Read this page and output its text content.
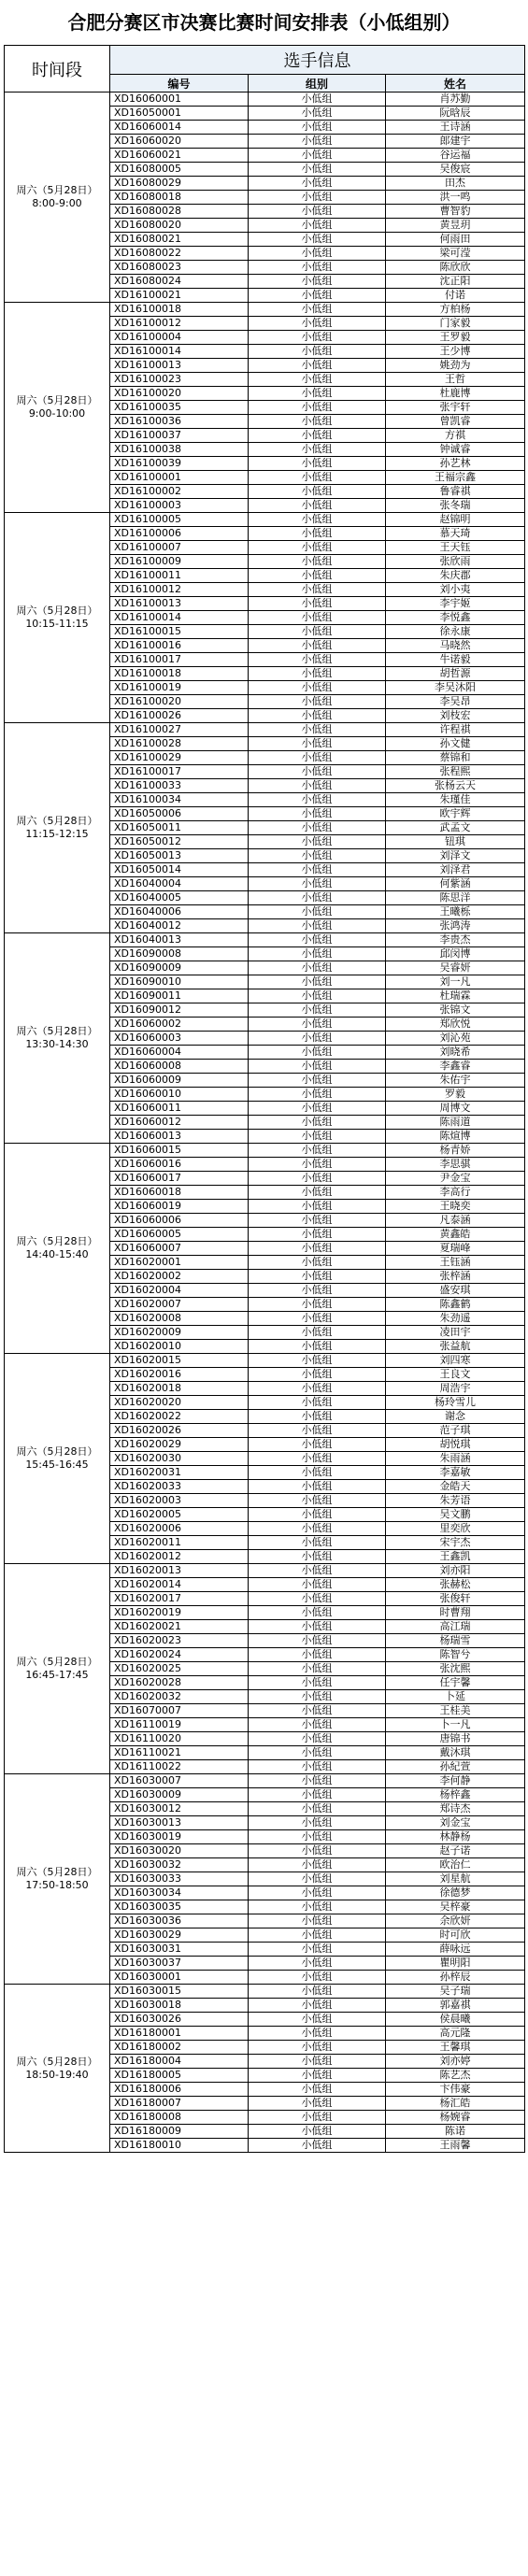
合肥分赛区市决赛比赛时间安排表（小低组别）
时间段	选手信息		
	编号	组别	姓名

周六（5月28日）
8:00-9:00	XD16060001	小低组	肖苏勤
	XD16050001	小低组	阮晗辰
	XD16060014	小低组	王诗涵
	XD16060020	小低组	郎建宇
	XD16060021	小低组	谷运福
	XD16080005	小低组	吴俊宸
	XD16080029	小低组	田杰
	XD16080018	小低组	洪一鸣
	XD16080028	小低组	曹智豹
	XD16080020	小低组	黄昱玥
	XD16080021	小低组	何雨田
	XD16080022	小低组	梁可滢
	XD16080023	小低组	陈欣欣
	XD16080024	小低组	沈正阳
	XD16100021	小低组	付诺

周六（5月28日）
9:00-10:00	XD16100018	小低组	方柏杨
	XD16100012	小低组	门家毅
	XD16100004	小低组	王罗毅
	XD16100014	小低组	王少博
	XD16100013	小低组	姚劲为
	XD16100023	小低组	王哲
	XD16100020	小低组	杜鹿博
	XD16100035	小低组	张宇轩
	XD16100036	小低组	曾凯睿
	XD16100037	小低组	方祺
	XD16100038	小低组	钟诚睿
	XD16100039	小低组	孙艺林
	XD16100001	小低组	王福宗鑫
	XD16100002	小低组	鲁睿祺
	XD16100003	小低组	张冬瑞

周六（5月28日）
10:15-11:15	XD16100005	小低组	赵锦明
	XD16100006	小低组	慕天琦
	XD16100007	小低组	王天钰
	XD16100009	小低组	张欣雨
	XD16100011	小低组	朱庆郡
	XD16100012	小低组	刘小夷
	XD16100013	小低组	李宇姬
	XD16100014	小低组	李悦鑫
	XD16100015	小低组	徐永康
	XD16100016	小低组	马晓然
	XD16100017	小低组	牛诺毅
	XD16100018	小低组	胡哲源
	XD16100019	小低组	李吴沐阳
	XD16100020	小低组	李吴昂
	XD16100026	小低组	刘枝宏

周六（5月28日）
11:15-12:15	XD16100027	小低组	许程祺
	XD16100028	小低组	孙文健
	XD16100029	小低组	蔡锦和
	XD16100017	小低组	张程熙
	XD16100033	小低组	张杨云天
	XD16100034	小低组	朱瑾佳
	XD16050006	小低组	欧宇辉
	XD16050011	小低组	武孟文
	XD16050012	小低组	钮琪
	XD16050013	小低组	刘泽文
	XD16050014	小低组	刘泽君
	XD16040004	小低组	何紫涵
	XD16040005	小低组	陈思洋
	XD16040006	小低组	王曦栎
	XD16040012	小低组	张鸿涛

周六（5月28日）
13:30-14:30	XD16040013	小低组	李贵杰
	XD16090008	小低组	邱闵博
	XD16090009	小低组	吴睿妍
	XD16090010	小低组	刘一凡
	XD16090011	小低组	杜瑞霖
	XD16090012	小低组	张锦文
	XD16060002	小低组	郑欣悦
	XD16060003	小低组	刘沁苑
	XD16060004	小低组	刘晓希
	XD16060008	小低组	李鑫睿
	XD16060009	小低组	朱佑宇
	XD16060010	小低组	罗毅
	XD16060011	小低组	周博文
	XD16060012	小低组	陈雨道
	XD16060013	小低组	陈煊博

周六（5月28日）
14:40-15:40	XD16060015	小低组	杨青娇
	XD16060016	小低组	李思骐
	XD16060017	小低组	尹金宝
	XD16060018	小低组	李高行
	XD16060019	小低组	王晓奕
	XD16060006	小低组	凡泰涵
	XD16060005	小低组	黄鑫皓
	XD16060007	小低组	夏瑞峰
	XD16020001	小低组	王钰涵
	XD16020002	小低组	张梓涵
	XD16020004	小低组	盛安琪
	XD16020007	小低组	陈鑫鹤
	XD16020008	小低组	朱劲遥
	XD16020009	小低组	凌田宇
	XD16020010	小低组	张益航

周六（5月28日）
15:45-16:45	XD16020015	小低组	刘四寒
	XD16020016	小低组	王良文
	XD16020018	小低组	周浩宇
	XD16020020	小低组	杨玲雪儿
	XD16020022	小低组	谢念
	XD16020026	小低组	范子琪
	XD16020029	小低组	胡悦琪
	XD16020030	小低组	朱雨涵
	XD16020031	小低组	李嘉敏
	XD16020033	小低组	金皓天
	XD16020003	小低组	朱芳语
	XD16020005	小低组	吴文鹏
	XD16020006	小低组	里奕欣
	XD16020011	小低组	宋宇杰
	XD16020012	小低组	王鑫凯

周六（5月28日）
16:45-17:45	XD16020013	小低组	刘亦阳
	XD16020014	小低组	张赫松
	XD16020017	小低组	张俊轩
	XD16020019	小低组	时曹翔
	XD16020021	小低组	高江瑞
	XD16020023	小低组	杨瑞雪
	XD16020024	小低组	陈智兮
	XD16020025	小低组	张沈熙
	XD16020028	小低组	任宇馨
	XD16020032	小低组	卜延
	XD16070007	小低组	王桂美
	XD16110019	小低组	卜一凡
	XD16110020	小低组	唐锦书
	XD16110021	小低组	戴沐琪
	XD16110022	小低组	孙紀萱

周六（5月28日）
17:50-18:50	XD16030007	小低组	李何静
	XD16030009	小低组	杨梓鑫
	XD16030012	小低组	郑诗杰
	XD16030013	小低组	刘金宝
	XD16030019	小低组	林静杨
	XD16030020	小低组	赵子诺
	XD16030032	小低组	欧治仁
	XD16030033	小低组	刘星航
	XD16030034	小低组	徐德梦
	XD16030035	小低组	吴梓豪
	XD16030036	小低组	余欣妍
	XD16030029	小低组	时可欣
	XD16030031	小低组	薛咏远
	XD16030037	小低组	瞿明阳
	XD16030001	小低组	孙梓辰

周六（5月28日）
18:50-19:40	XD16030015	小低组	吴子瑞
	XD16030018	小低组	郭嘉祺
	XD16030026	小低组	侯晨曦
	XD16180001	小低组	高元隆
	XD16180002	小低组	王馨琪
	XD16180004	小低组	刘亦婷
	XD16180005	小低组	陈艺杰
	XD16180006	小低组	卞伟豪
	XD16180007	小低组	杨汇皓
	XD16180008	小低组	杨婉睿
	XD16180009	小低组	陈诺
	XD16180010	小低组	王雨馨
